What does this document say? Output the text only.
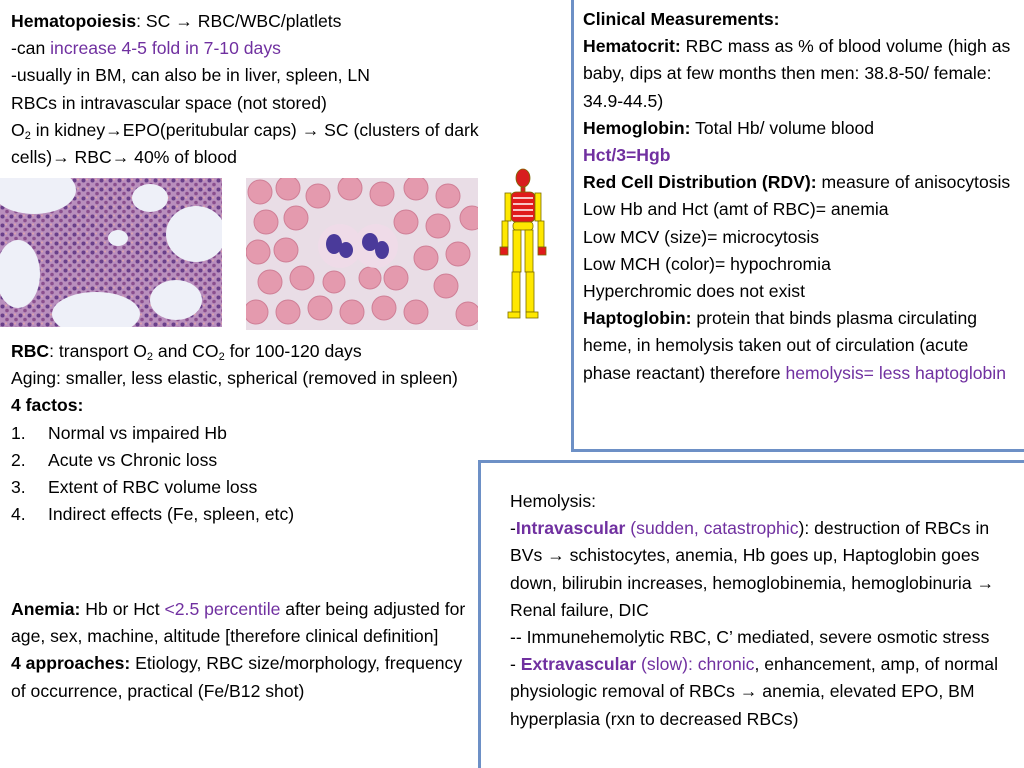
Hematopoiesis: SC → RBC/WBC/platlets
-can increase 4-5 fold in 7-10 days
-usually in BM, can also be in liver, spleen, LN
RBCs in intravascular space (not stored)
$O_2$ in kidney→EPO(peritubular caps) → SC (clusters of dark
cells)→ RBC→ 40% of blood
RBC: transport $O_2$ and $CO_2$ for 100-120 days
Aging: smaller, less elastic, spherical (removed in spleen)
4 factos:
1. Normal vs impaired Hb
2. Acute vs Chronic loss
3. Extent of RBC volume loss
4. Indirect effects (Fe, spleen, etc)
Anemia: Hb or Hct <2.5 percentile after being adjusted for age, sex, machine, altitude [therefore clinical definition]
4 approaches: Etiology, RBC size/morphology, frequency of occurrence, practical (Fe/B12 shot)
Clinical Measurements:
Hematocrit: RBC mass as % of blood volume (high as baby, dips at few months then men: 38.8-50/ female: 34.9-44.5)
Hemoglobin: Total Hb/ volume blood
Hct/3=Hgb
Red Cell Distribution (RDV): measure of anisocytosis
Low Hb and Hct (amt of RBC)= anemia
Low MCV (size)= microcytosis
Low MCH (color)= hypochromia
Hyperchromic does not exist
Haptoglobin: protein that binds plasma circulating heme, in hemolysis taken out of circulation (acute phase reactant) therefore hemolysis= less haptoglobin
Hemolysis:
-Intravascular (sudden, catastrophic): destruction of RBCs in BVs → schistocytes, anemia, Hb goes up, Haptoglobin goes down, bilirubin increases, hemoglobinemia, hemoglobinuria → Renal failure, DIC
-- Immunehemolytic RBC, C’ mediated, severe osmotic stress
- Extravascular (slow): chronic, enhancement, amp, of normal physiologic removal of RBCs → anemia, elevated EPO, BM hyperplasia (rxn to decreased RBCs)
